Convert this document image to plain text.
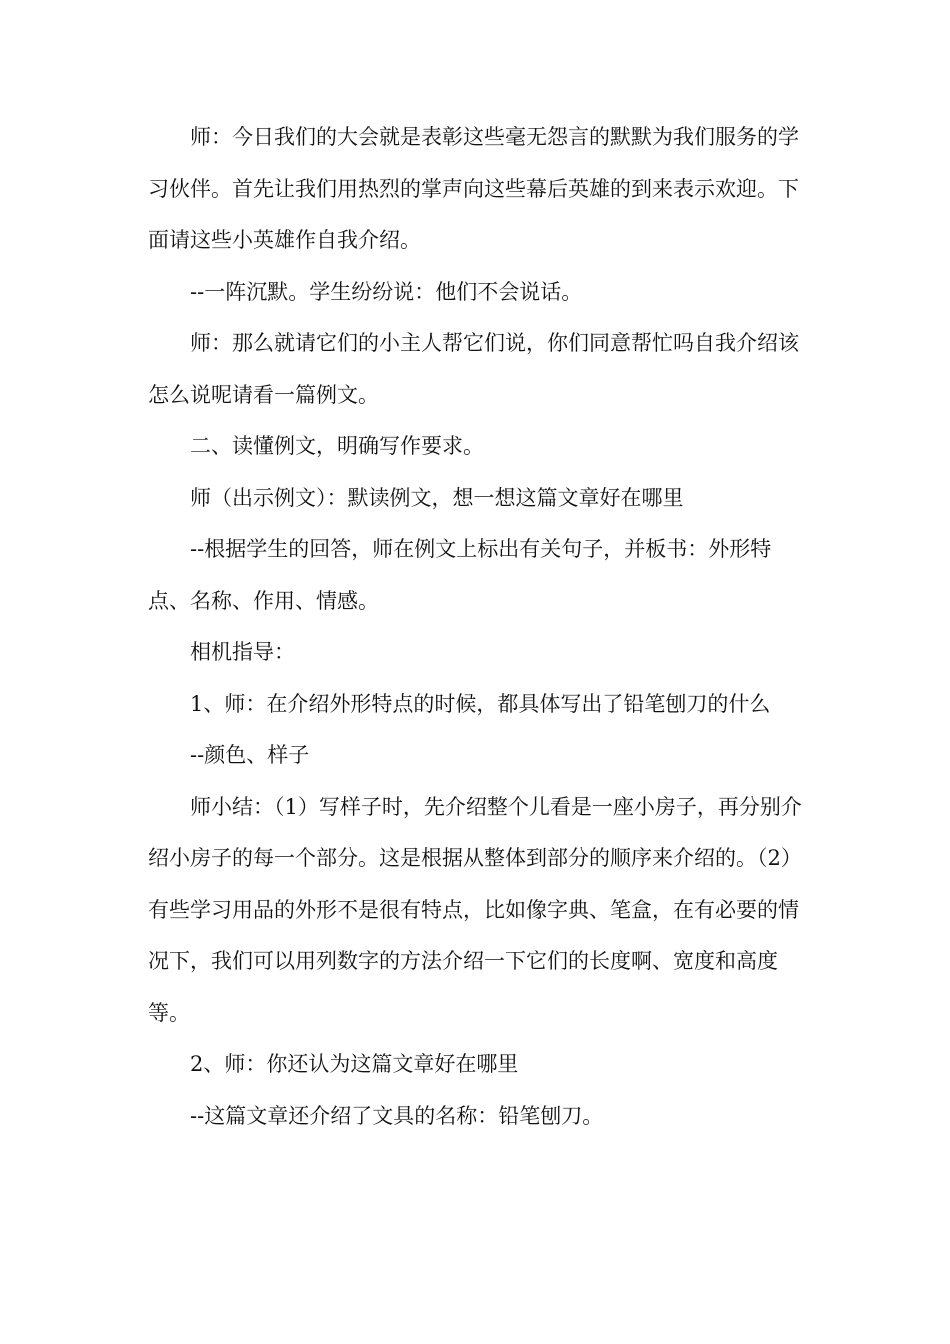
师：今日我们的大会就是表彰这些毫无怨言的默默为我们服务的学习伙伴。首先让我们用热烈的掌声向这些幕后英雄的到来表示欢迎。下面请这些小英雄作自我介绍。

--一阵沉默。学生纷纷说：他们不会说话。

师：那么就请它们的小主人帮它们说，你们同意帮忙吗自我介绍该怎么说呢请看一篇例文。

二、读懂例文，明确写作要求。

师（出示例文）：默读例文，想一想这篇文章好在哪里

--根据学生的回答，师在例文上标出有关句子，并板书：外形特点、名称、作用、情感。

相机指导：

1、师：在介绍外形特点的时候，都具体写出了铅笔刨刀的什么

--颜色、样子

师小结：（1）写样子时，先介绍整个儿看是一座小房子，再分别介绍小房子的每一个部分。这是根据从整体到部分的顺序来介绍的。（2）有些学习用品的外形不是很有特点，比如像字典、笔盒，在有必要的情况下，我们可以用列数字的方法介绍一下它们的长度啊、宽度和高度等。

2、师：你还认为这篇文章好在哪里

--这篇文章还介绍了文具的名称：铅笔刨刀。
